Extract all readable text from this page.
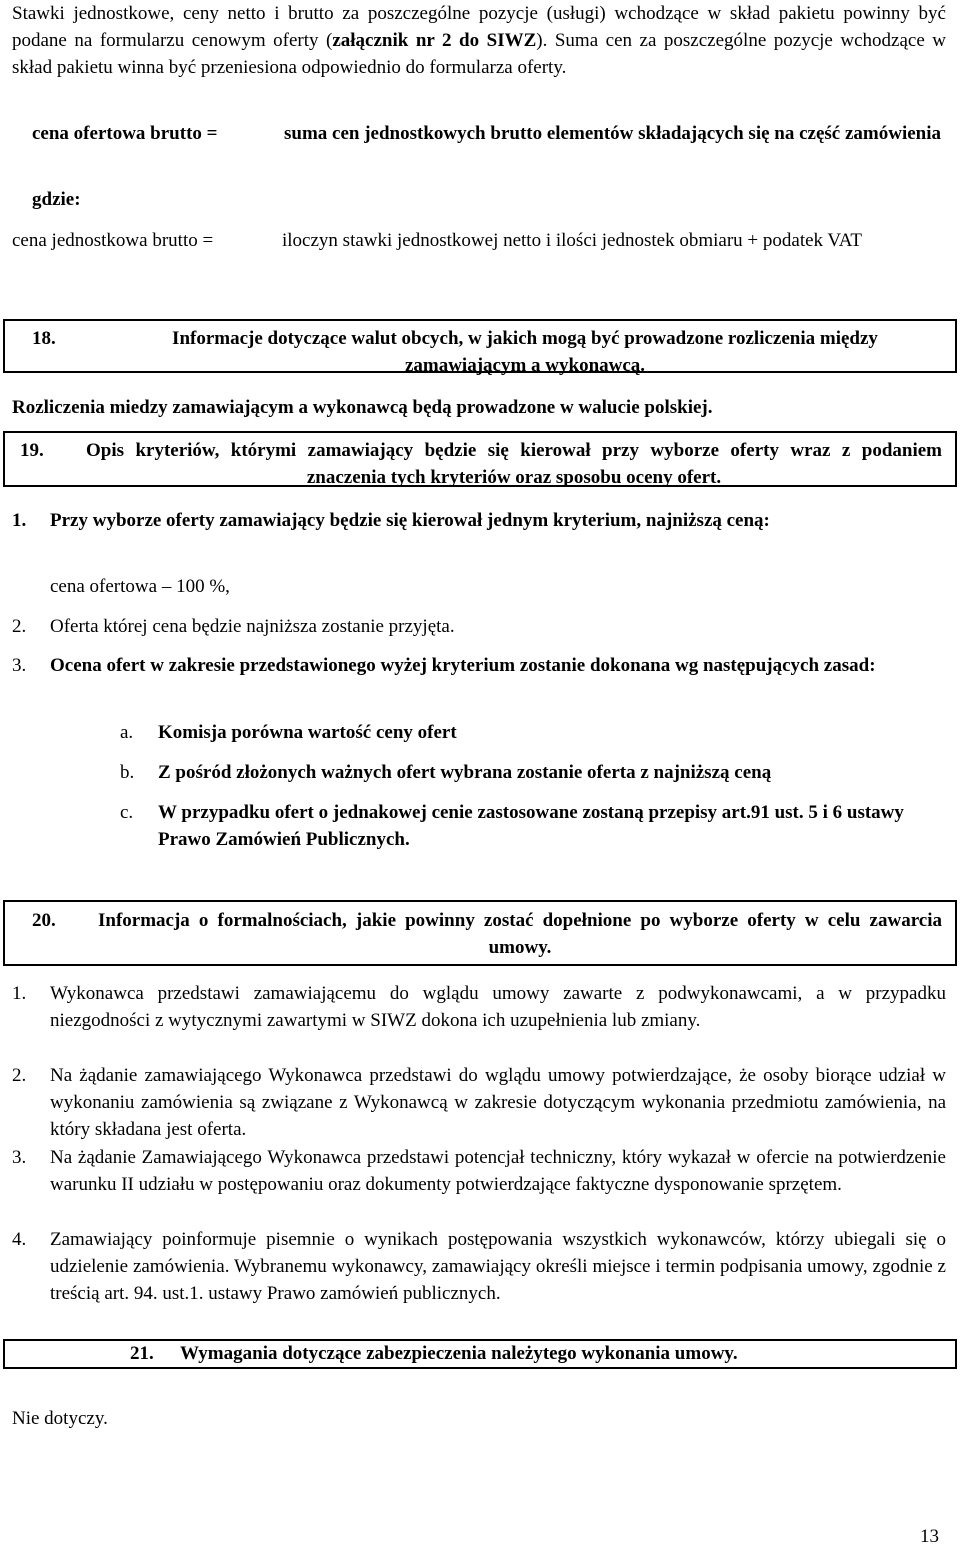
Stawki jednostkowe, ceny netto i brutto za poszczególne pozycje (usługi) wchodzące w skład pakietu powinny być podane na formularzu cenowym oferty (załącznik nr 2 do SIWZ). Suma cen za poszczególne pozycje wchodzące w skład pakietu winna być przeniesiona odpowiednio do formularza oferty.
cena ofertowa brutto =	suma cen jednostkowych brutto elementów składających się na część zamówienia
gdzie:
cena jednostkowa brutto =	iloczyn stawki jednostkowej netto i ilości jednostek obmiaru + podatek VAT
18.	Informacje dotyczące walut obcych, w jakich mogą być prowadzone rozliczenia między zamawiającym a wykonawcą.
Rozliczenia miedzy zamawiającym a wykonawcą będą prowadzone w walucie polskiej.
19. Opis kryteriów, którymi zamawiający będzie się kierował przy wyborze oferty wraz z podaniem znaczenia tych kryteriów oraz sposobu oceny ofert.
1. Przy wyborze oferty zamawiający będzie się kierował jednym kryterium, najniższą ceną:
cena ofertowa – 100 %,
2. Oferta której cena będzie najniższa zostanie przyjęta.
3. Ocena ofert w zakresie przedstawionego wyżej kryterium zostanie dokonana wg następujących zasad:
a. Komisja porówna wartość ceny ofert
b. Z pośród złożonych ważnych ofert wybrana zostanie oferta z najniższą ceną
c. W przypadku ofert o jednakowej cenie zastosowane zostaną przepisy art.91 ust. 5 i 6 ustawy Prawo Zamówień Publicznych.
20. Informacja o formalnościach, jakie powinny zostać dopełnione po wyborze oferty w celu zawarcia umowy.
1. Wykonawca przedstawi zamawiającemu do wglądu umowy zawarte z podwykonawcami, a w przypadku niezgodności z wytycznymi zawartymi w SIWZ dokona ich uzupełnienia lub zmiany.
2. Na żądanie zamawiającego Wykonawca przedstawi do wglądu umowy potwierdzające, że osoby biorące udział w wykonaniu zamówienia są związane z Wykonawcą w zakresie dotyczącym wykonania przedmiotu zamówienia, na który składana jest oferta.
3. Na żądanie Zamawiającego Wykonawca przedstawi potencjał techniczny, który wykazał w ofercie na potwierdzenie warunku II udziału w postępowaniu oraz dokumenty potwierdzające faktyczne dysponowanie sprzętem.
4. Zamawiający poinformuje pisemnie o wynikach postępowania wszystkich wykonawców, którzy ubiegali się o udzielenie zamówienia. Wybranemu wykonawcy, zamawiający określi miejsce i termin podpisania umowy, zgodnie z treścią art. 94. ust.1. ustawy Prawo zamówień publicznych.
21. Wymagania dotyczące zabezpieczenia należytego wykonania umowy.
Nie dotyczy.
13
